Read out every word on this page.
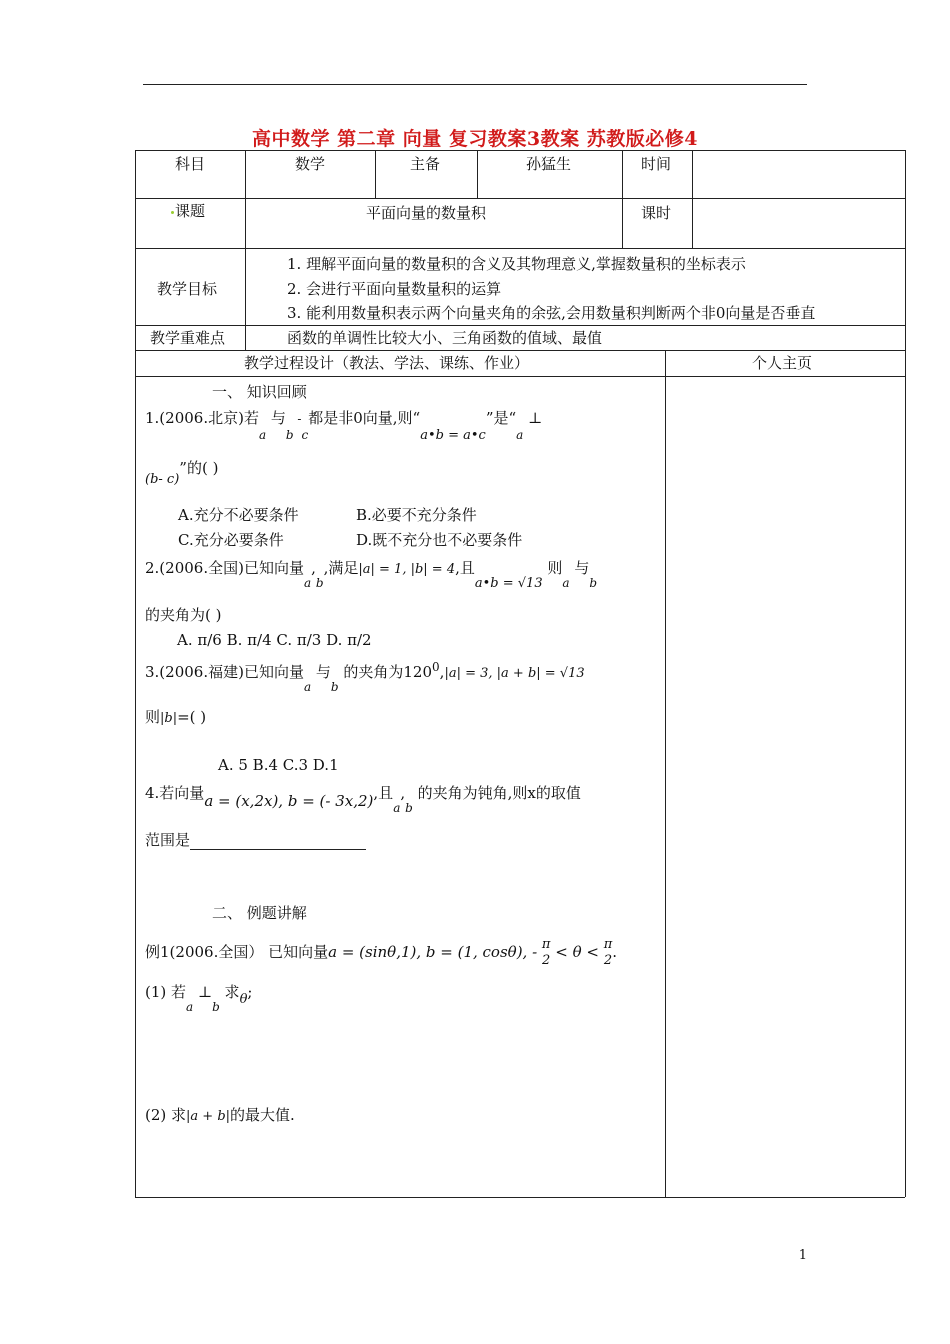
高中数学 第二章 向量 复习教案3教案 苏教版必修4
科目	数学	主备	孙猛生	时间
课题	平面向量的数量积	课时
教学目标
1. 理解平面向量的数量积的含义及其物理意义,掌握数量积的坐标表示
2. 会进行平面向量数量积的运算
3. 能利用数量积表示两个向量夹角的余弦,会用数量积判断两个非0向量是否垂直
教学重难点	函数的单调性比较大小、三角函数的值域、最值
教学过程设计（教法、学法、课练、作业）	个人主页
一、 知识回顾
1.(2006.北京)若a 与b -c都是非0向量,则“a•b = a•c”是“a ⊥
(b- c)”的( )
A.充分不必要条件	B.必要不充分条件
C.充分必要条件	D.既不充分也不必要条件
2.(2006.全国)已知向量a,b,满足|a| = 1, |b| = 4,且a•b = √13 则a 与b
的夹角为( )
A. π/6 B. π/4 C. π/3 D. π/2
3.(2006.福建)已知向量a 与b 的夹角为$120^0,|a| = 3$, |a + b| = √13
则|b|=( )
A. 5 B.4 C.3 D.1
4.若向量a = (x,2x), b = (- 3x,2),且a,b 的夹角为钝角,则x的取值
范围是
二、 例题讲解
例1(2006.全国） 已知向量a = (sinθ,1), b = (1, cosθ), - π
2 < θ < π
2.
(1) 若a ⊥b 求θ;
(2) 求|a + b|的最大值.
1
